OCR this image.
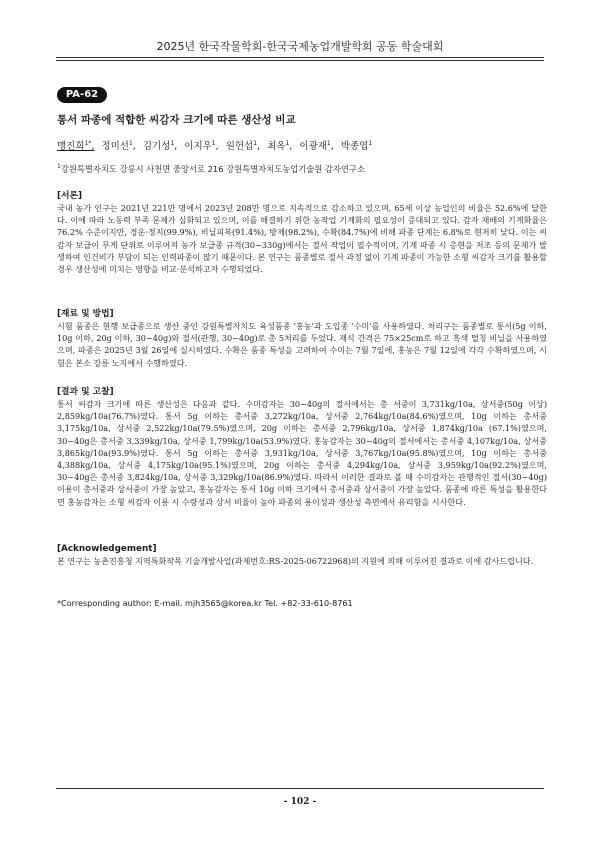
2025년 한국작물학회-한국국제농업개발학회 공동 학술대회
PA-62
통서 파종에 적합한 씨감자 크기에 따른 생산성 비교
맹진희$^{1*}$, 정미선$^1$, 김기성$^1$, 이지우$^1$, 원헌섭$^1$, 최옥$^1$, 이광재$^1$, 박종엽$^1$
$^1$강원특별자치도 강릉시 사천면 중앙서로 216 강원특별자치도농업기술원 감자연구소
[서론]
국내 농가 인구는 2021년 221만 명에서 2023년 208만 명으로 지속적으로 감소하고 있으며, 65세 이상 농업인의 비율은 52.6%에 달한다. 이에 따라 노동력 부족 문제가 심화되고 있으며, 이를 해결하기 위한 농작업 기계화의 필요성이 증대되고 있다. 감자 재배의 기계화율은 76.2% 수준이지만, 경운·정지(99.9%), 비닐피복(91.4%), 방제(98.2%), 수확(84.7%)에 비해 파종 단계는 6.8%로 현저히 낮다. 이는 씨감자 보급이 무게 단위로 이루어져 농가 보급종 규격(30~330g)에서는 절서 작업이 필수적이며, 기계 파종 시 층현을 저조 등의 문제가 발생하여 인건비가 부담이 되는 인력파종이 많기 때문이다. 본 연구는 품종별로 절서 과정 없이 기계 파종이 가능한 소형 씨감자 크기를 활용할 경우 생산성에 미치는 영향을 비교·분석하고자 수행되었다.
[재료 및 방법]
시험 품종은 현행 보급종으로 생산 중인 강원특별자치도 육성품종 '홍농'과 도입종 '수미'를 사용하였다. 처리구는 품종별로 통서(5g 이하, 10g 이하, 20g 이하, 30~40g)와 절서(관행, 30~40g)로 총 5처리를 두었다. 재식 간격은 75×25cm로 하고 흑색 멀칭 비닐을 사용하였으며, 파종은 2025년 3월 26일에 실시하였다. 수확은 품종 특성을 고려하여 수미는 7월 7일에, 홍농은 7월 12일에 각각 수확하였으며, 시험은 본소 강릉 노지에서 수행하였다.
[결과 및 고찰]
통서 씨감자 크기에 따른 생산성은 다음과 같다. 수미감자는 30~40g의 절서에서는 총 서중이 3,731kg/10a, 상서중(50g 이상) 2,859kg/10a(76.7%)였다. 통서 5g 이하는 총서중 3,272kg/10a, 상서중 2,764kg/10a(84.6%)였으며, 10g 이하는 총서중 3,175kg/10a, 상서중 2,522kg/10a(79.5%)였으며, 20g 이하는 총서중 2,796kg/10a, 상서중 1,874kg/10a (67.1%)였으며, 30~40g은 총서중 3,339kg/10a, 상서중 1,799kg/10a(53.9%)였다. 홍농감자는 30~40g의 절서에서는 총서중 4,107kg/10a, 상서중 3,865kg/10a(93.9%)였다. 통서 5g 이하는 총서중 3,931kg/10a, 상서중 3,767kg/10a(95.8%)였으며, 10g 이하는 총서중 4,388kg/10a, 상서중 4,175kg/10a(95.1%)였으며, 20g 이하는 총서중 4,294kg/10a, 상서중 3,959kg/10a(92.2%)였으며, 30~40g은 총서중 3,824kg/10a, 상서중 3,329kg/10a(86.9%)였다. 따라서 이러한 결과로 볼 때 수미감자는 관행적인 절서(30~40g) 이용이 총서중과 상서중이 가장 높았고, 홍농감자는 통서 10g 이하 크기에서 총서중과 상서중이 가장 높았다. 품종에 따른 특성을 활용한다면 홍농감자는 소형 씨감자 이용 시 수량성과 상서 비율이 높아 파종의 용이성과 생산성 측면에서 유리함을 시사한다.
[Acknowledgement]
본 연구는 농촌진흥청 지역특화작목 기술개발사업(과제번호:RS-2025-06722968)의 지원에 의해 이루어진 결과로 이에 감사드립니다.
*Corresponding author: E-mail. mjh3565@korea.kr Tel. +82-33-610-8761
- 102 -
